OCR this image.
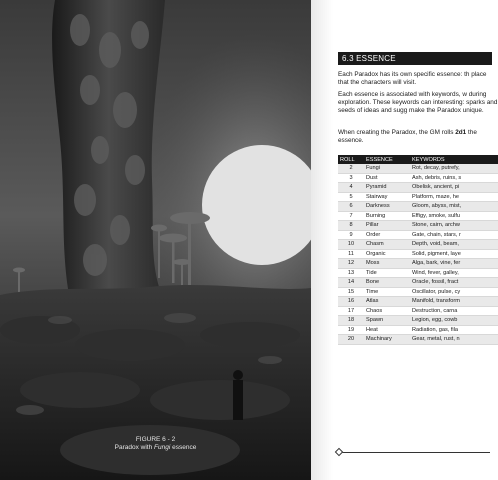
FIGURE 6 - 2
Paradox with Fungi essence
6.3 ESSENCE

Each Paradox has its own specific essence: th place that the characters will visit.

Each essence is associated with keywords, w during exploration. These keywords can interesting: sparks and seeds of ideas and sugg make the Paradox unique.

When creating the Paradox, the GM rolls 2d1 the essence.

ROLL	ESSENCE	KEYWORDS
2	Fungi	Rot, decay, putrefy,
3	Dust	Ash, debris, ruins, s
4	Pyramid	Obelisk, ancient, pi
5	Stairway	Platform, maze, he
6	Darkness	Gloom, abyss, mist,
7	Burning	Effigy, smoke, sulfu
8	Pillar	Stone, cairn, archw
9	Order	Gate, chain, stars, r
10	Chasm	Depth, void, beam,
11	Organic	Solid, pigment, laye
12	Moss	Alga, bark, vine, fer
13	Tide	Wind, fever, galley,
14	Bone	Oracle, fossil, fract
15	Time	Oscillator, pulse, cy
16	Atlas	Manifold, transform
17	Chaos	Destruction, carna
18	Spawn	Legion, egg, cowb
19	Heat	Radiation, gas, fila
20	Machinary	Gear, metal, rust, n
